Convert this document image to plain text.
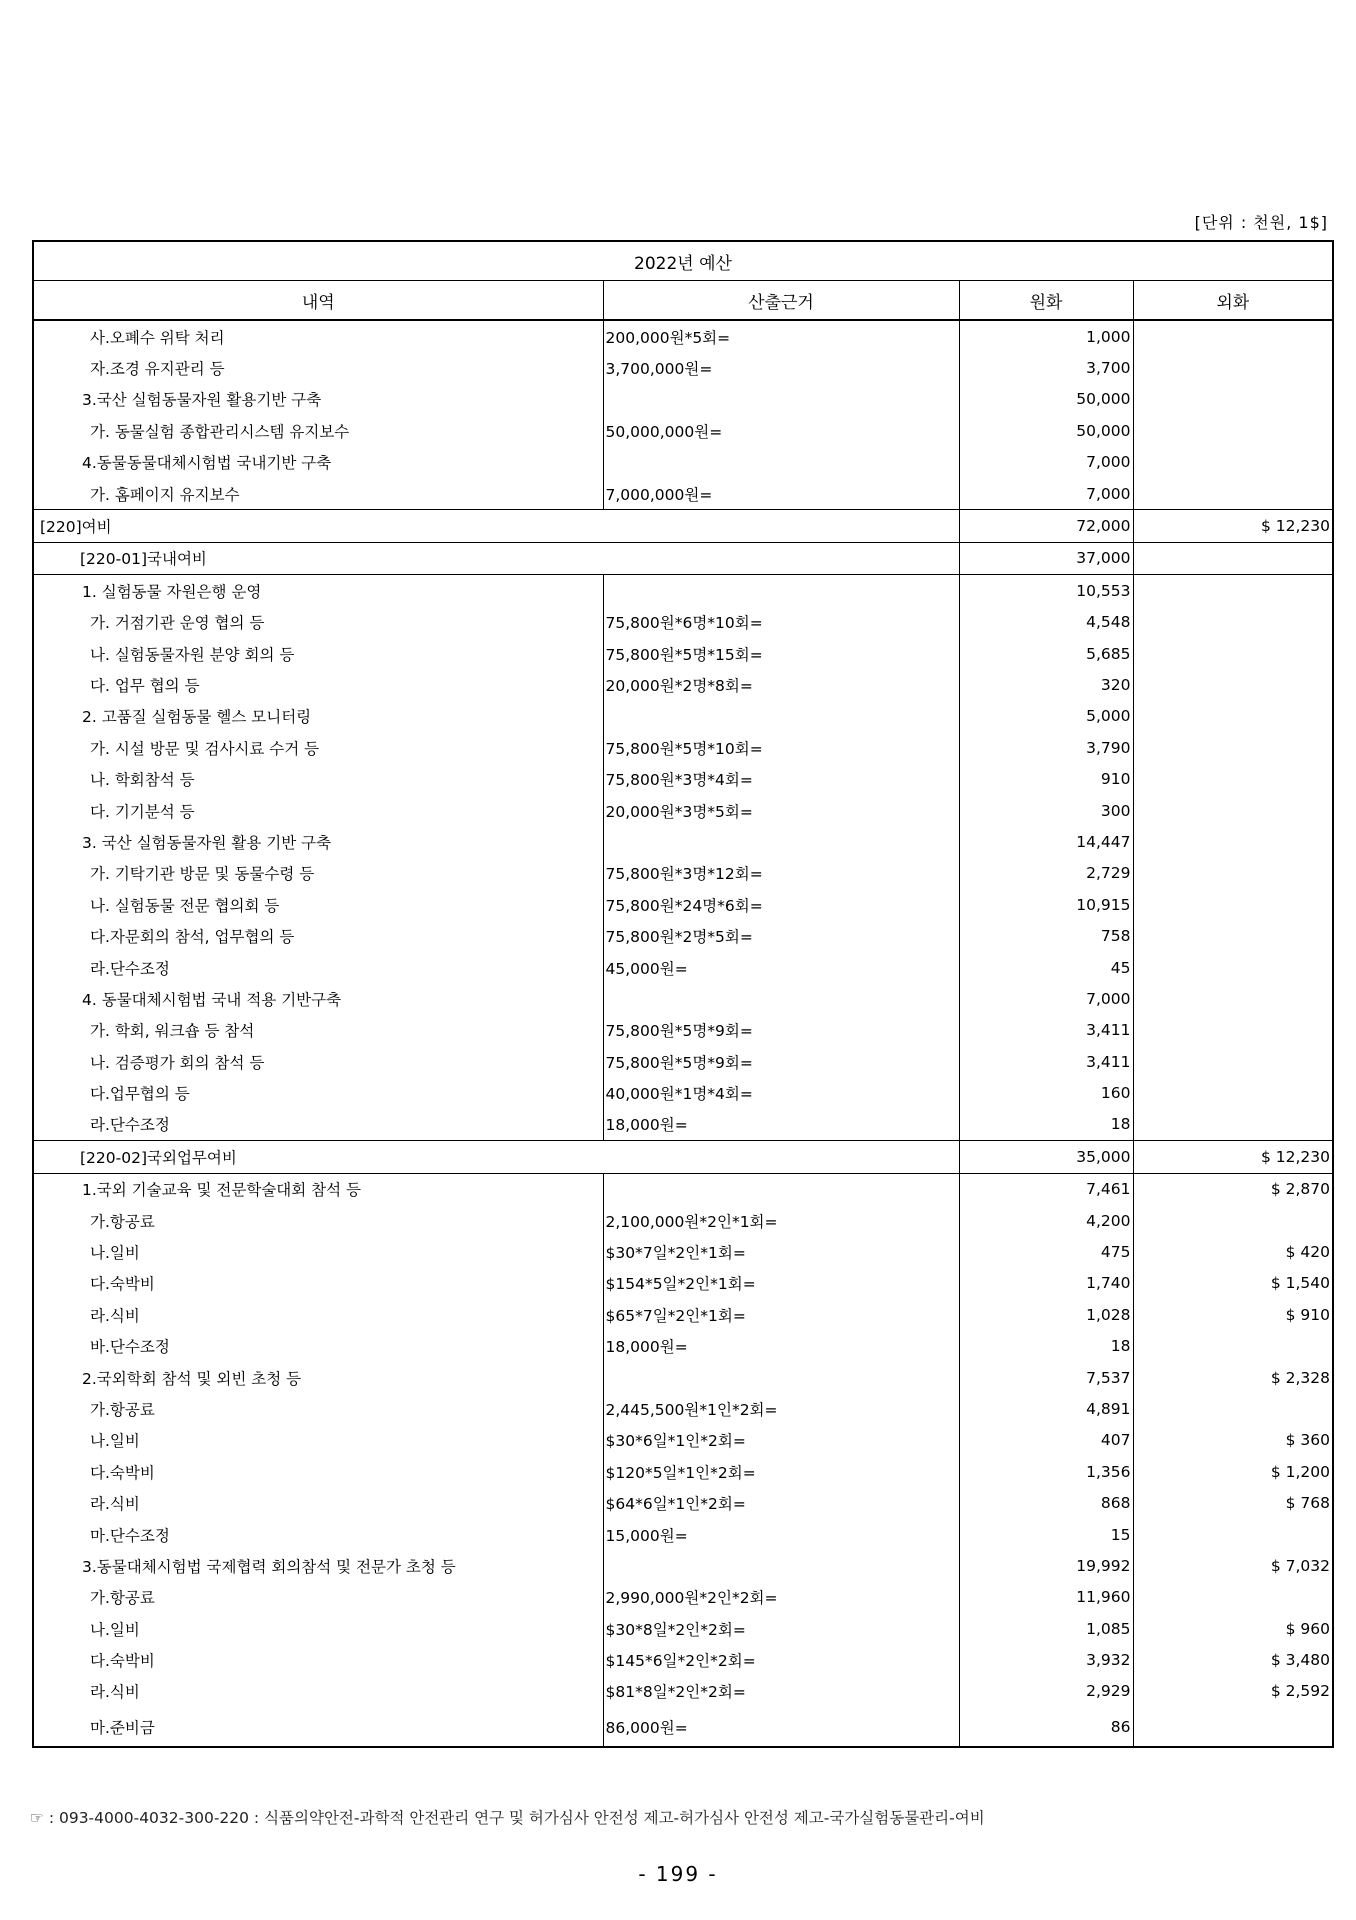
[단위 : 천원, 1$]
2022년 예산			
내역	산출근거	원화	외화
사.오폐수 위탁 처리	200,000원*5회=	1,000	
자.조경 유지관리 등	3,700,000원=	3,700	
3.국산 실험동물자원 활용기반 구축		50,000	
가. 동물실험 종합관리시스템 유지보수	50,000,000원=	50,000	
4.동물동물대체시험법 국내기반 구축		7,000	
가. 홈페이지 유지보수	7,000,000원=	7,000	
[220]여비		72,000	$ 12,230
[220-01]국내여비		37,000	
1. 실험동물 자원은행 운영		10,553	
가. 거점기관 운영 협의 등	75,800원*6명*10회=	4,548	
나. 실험동물자원 분양 회의 등	75,800원*5명*15회=	5,685	
다. 업무 협의 등	20,000원*2명*8회=	320	
2. 고품질 실험동물 헬스 모니터링		5,000	
가. 시설 방문 및 검사시료 수거 등	75,800원*5명*10회=	3,790	
나. 학회참석 등	75,800원*3명*4회=	910	
다. 기기분석 등	20,000원*3명*5회=	300	
3. 국산 실험동물자원 활용 기반 구축		14,447	
가. 기탁기관 방문 및 동물수령 등	75,800원*3명*12회=	2,729	
나. 실험동물 전문 협의회 등	75,800원*24명*6회=	10,915	
다.자문회의 참석, 업무협의 등	75,800원*2명*5회=	758	
라.단수조정	45,000원=	45	
4. 동물대체시험법 국내 적용 기반구축		7,000	
가. 학회, 워크숍 등 참석	75,800원*5명*9회=	3,411	
나. 검증평가 회의 참석 등	75,800원*5명*9회=	3,411	
다.업무협의 등	40,000원*1명*4회=	160	
라.단수조정	18,000원=	18	
[220-02]국외업무여비		35,000	$ 12,230
1.국외 기술교육 및 전문학술대회 참석 등		7,461	$ 2,870
가.항공료	2,100,000원*2인*1회=	4,200	
나.일비	$30*7일*2인*1회=	475	$ 420
다.숙박비	$154*5일*2인*1회=	1,740	$ 1,540
라.식비	$65*7일*2인*1회=	1,028	$ 910
바.단수조정	18,000원=	18	
2.국외학회 참석 및 외빈 초청 등		7,537	$ 2,328
가.항공료	2,445,500원*1인*2회=	4,891	
나.일비	$30*6일*1인*2회=	407	$ 360
다.숙박비	$120*5일*1인*2회=	1,356	$ 1,200
라.식비	$64*6일*1인*2회=	868	$ 768
마.단수조정	15,000원=	15	
3.동물대체시험법 국제협력 회의참석 및 전문가 초청 등		19,992	$ 7,032
가.항공료	2,990,000원*2인*2회=	11,960	
나.일비	$30*8일*2인*2회=	1,085	$ 960
다.숙박비	$145*6일*2인*2회=	3,932	$ 3,480
라.식비	$81*8일*2인*2회=	2,929	$ 2,592
마.준비금	86,000원=	86	
☞ : 093-4000-4032-300-220 : 식품의약안전-과학적 안전관리 연구 및 허가심사 안전성 제고-허가심사 안전성 제고-국가실험동물관리-여비
- 199 -
